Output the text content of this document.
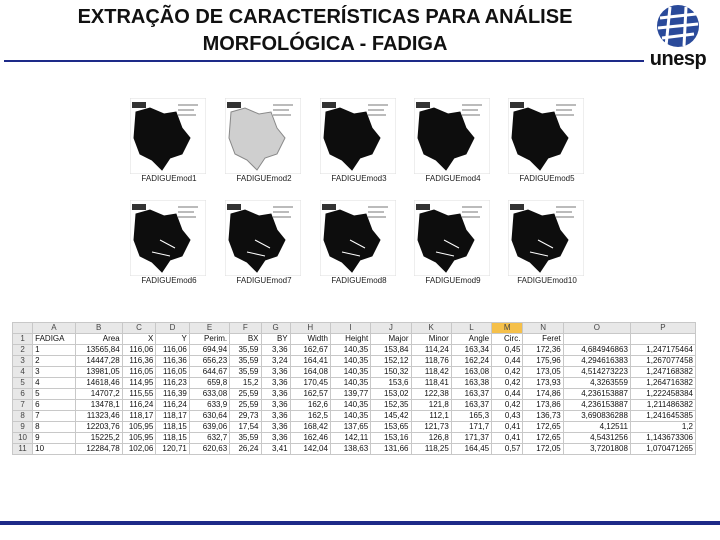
EXTRAÇÃO DE CARACTERÍSTICAS PARA ANÁLISE
MORFOLÓGICA - FADIGA
unesp
FADIGUEmod1	FADIGUEmod2	FADIGUEmod3	FADIGUEmod4	FADIGUEmod5
FADIGUEmod6	FADIGUEmod7	FADIGUEmod8	FADIGUEmod9	FADIGUEmod10
	A	B	C	D	E	F	G	H	I	J	K	L	M	N	O	P
1	FADIGA	Area	X	Y	Perim.	BX	BY	Width	Height	Major	Minor	Angle	Circ.	Feret		
2	1	13565,84	116,06	116,06	694,94	35,59	3,36	162,67	140,35	153,84	114,24	163,34	0,45	172,36	4,684946863	1,247175464
3	2	14447,28	116,36	116,36	656,23	35,59	3,24	164,41	140,35	152,12	118,76	162,24	0,44	175,96	4,294616383	1,267077458
4	3	13981,05	116,05	116,05	644,67	35,59	3,36	164,08	140,35	150,32	118,42	163,08	0,42	173,05	4,514273223	1,247168382
5	4	14618,46	114,95	116,23	659,8	15,2	3,36	170,45	140,35	153,6	118,41	163,38	0,42	173,93	4,3263559	1,264716382
6	5	14707,2	115,55	116,39	633,08	25,59	3,36	162,57	139,77	153,02	122,38	163,37	0,44	174,86	4,236153887	1,222458384
7	6	13478,1	116,24	116,24	633,9	25,59	3,36	162,6	140,35	152,35	121,8	163,37	0,42	173,86	4,236153887	1,211486382
8	7	11323,46	118,17	118,17	630,64	29,73	3,36	162,5	140,35	145,42	112,1	165,3	0,43	136,73	3,690836288	1,241645385
9	8	12203,76	105,95	118,15	639,06	17,54	3,36	168,42	137,65	153,65	121,73	171,7	0,41	172,65	4,12511	1,2
10	9	15225,2	105,95	118,15	632,7	35,59	3,36	162,46	142,11	153,16	126,8	171,37	0,41	172,65	4,5431256	1,143673306
11	10	12284,78	102,06	120,71	620,63	26,24	3,41	142,04	138,63	131,66	118,25	164,45	0,57	172,05	3,7201808	1,070471265
